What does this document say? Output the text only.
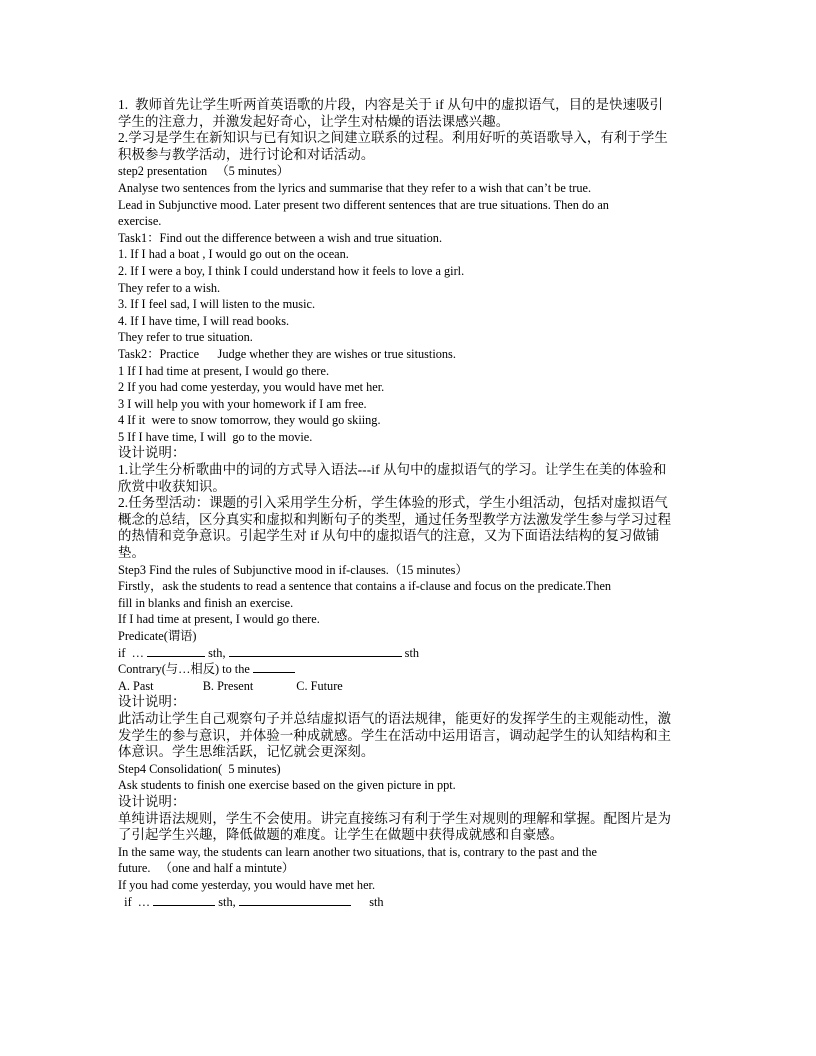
1.  教师首先让学生听两首英语歌的片段，内容是关于 if 从句中的虚拟语气，目的是快速吸引

学生的注意力，并激发起好奇心，让学生对枯燥的语法课感兴趣。

2.学习是学生在新知识与已有知识之间建立联系的过程。利用好听的英语歌导入，有利于学生

积极参与教学活动，进行讨论和对话活动。

step2 presentation   （5 minutes）

Analyse two sentences from the lyrics and summarise that they refer to a wish that can’t be true.

Lead in Subjunctive mood. Later present two different sentences that are true situations. Then do an

exercise.

Task1：Find out the difference between a wish and true situation.

1. If I had a boat , I would go out on the ocean.

2. If I were a boy, I think I could understand how it feels to love a girl.

They refer to a wish.

3. If I feel sad, I will listen to the music.

4. If I have time, I will read books.

They refer to true situation.

Task2：Practice      Judge whether they are wishes or true situstions.

1 If I had time at present, I would go there.

2 If you had come yesterday, you would have met her.

3 I will help you with your homework if I am free.

4 If it  were to snow tomorrow, they would go skiing.

5 If I have time, I will  go to the movie.

设计说明：

1.让学生分析歌曲中的词的方式导入语法---if 从句中的虚拟语气的学习。让学生在美的体验和

欣赏中收获知识。

2.任务型活动：课题的引入采用学生分析，学生体验的形式，学生小组活动，包括对虚拟语气

概念的总结，区分真实和虚拟和判断句子的类型，通过任务型教学方法激发学生参与学习过程

的热情和竞争意识。引起学生对 if 从句中的虚拟语气的注意，又为下面语法结构的复习做铺

垫。

Step3 Find the rules of Subjunctive mood in if-clauses.（15 minutes）

Firstly，ask the students to read a sentence that contains a if-clause and focus on the predicate.Then

fill in blanks and finish an exercise.

If I had time at present, I would go there.

Predicate(谓语)

if  …	sth,	sth

Contrary(与…相反) to the

A. Past                B. Present              C. Future

设计说明：

此活动让学生自己观察句子并总结虚拟语气的语法规律，能更好的发挥学生的主观能动性，激

发学生的参与意识，并体验一种成就感。学生在活动中运用语言，调动起学生的认知结构和主

体意识。学生思维活跃，记忆就会更深刻。

Step4 Consolidation(  5 minutes)

Ask students to finish one exercise based on the given picture in ppt.

设计说明：

单纯讲语法规则，学生不会使用。讲完直接练习有利于学生对规则的理解和掌握。配图片是为

了引起学生兴趣，降低做题的难度。让学生在做题中获得成就感和自豪感。

In the same way, the students can learn another two situations, that is, contrary to the past and the

future.   （one and half a mintute）

If you had come yesterday, you would have met her.

if  …	sth,	sth
